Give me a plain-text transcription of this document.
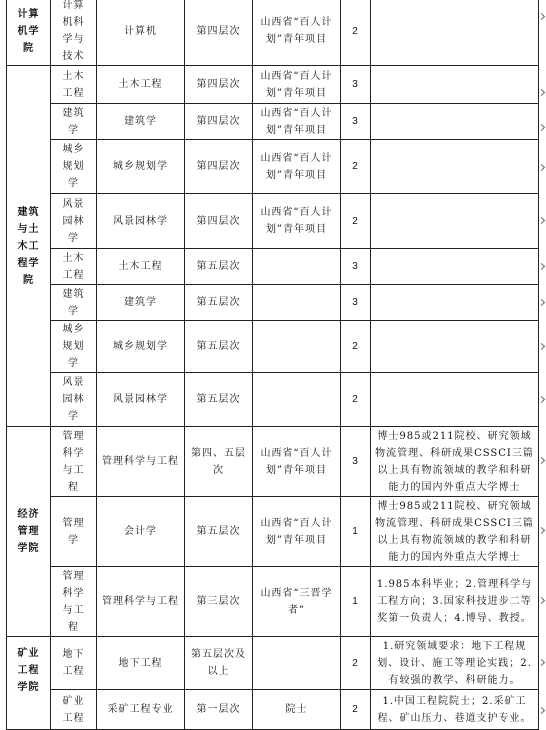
计算机学院	计算机科学与技术	计算机	第四层次	山西省“百人计划”青年项目	2	

建筑与土木工程学院	土木工程	土木工程	第四层次	山西省“百人计划”青年项目	3	

	建筑学	建筑学	第四层次	山西省“百人计划”青年项目	3	

	城乡规划学	城乡规划学	第四层次	山西省“百人计划”青年项目	2	

	风景园林学	风景园林学	第四层次	山西省“百人计划”青年项目	2	

	土木工程	土木工程	第五层次		3	

	建筑学	建筑学	第五层次		3	

	城乡规划学	城乡规划学	第五层次		2	

	风景园林学	风景园林学	第五层次		2	

经济管理学院	管理科学与工程	管理科学与工程	第四、五层次	山西省“百人计划”青年项目	3	博士985或211院校、研究领域物流管理、科研成果CSSCI三篇以上具有物流领域的教学和科研能力的国内外重点大学博士

	管理学	会计学	第五层次	山西省“百人计划”青年项目	1	博士985或211院校、研究领域物流管理、科研成果CSSCI三篇以上具有物流领域的教学和科研能力的国内外重点大学博士

	管理科学与工程	管理科学与工程	第三层次	山西省“三晋学者”	1	1.985本科毕业；2.管理科学与工程方向；3.国家科技进步二等奖第一负责人；4.博导、教授。

矿业工程学院	地下工程	地下工程	第五层次及以上		2	1.研究领域要求：地下工程规划、设计、施工等理论实践；2.有较强的教学、科研能力。

	矿业工程	采矿工程专业	第一层次	院士	2	1.中国工程院院士；2.采矿工程、矿山压力、巷道支护专业。
